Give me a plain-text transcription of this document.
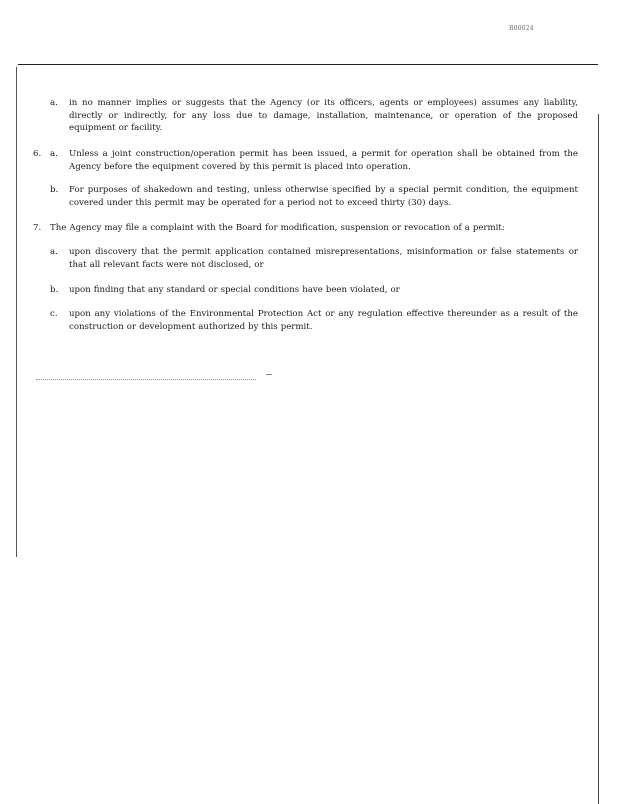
R00024
a. in no manner implies or suggests that the Agency (or its officers, agents or employees) assumes any liability, directly or indirectly, for any loss due to damage, installation, maintenance, or operation of the proposed equipment or facility.
6. a. Unless a joint construction/operation permit has been issued, a permit for operation shall be obtained from the Agency before the equipment covered by this permit is placed into operation.
b. For purposes of shakedown and testing, unless otherwise specified by a special permit condition, the equipment covered under this permit may be operated for a period not to exceed thirty (30) days.
7. The Agency may file a complaint with the Board for modification, suspension or revocation of a permit:
a. upon discovery that the permit application contained misrepresentations, misinformation or false statements or that all relevant facts were not disclosed, or
b. upon finding that any standard or special conditions have been violated, or
c. upon any violations of the Environmental Protection Act or any regulation effective thereunder as a result of the construction or development authorized by this permit.
